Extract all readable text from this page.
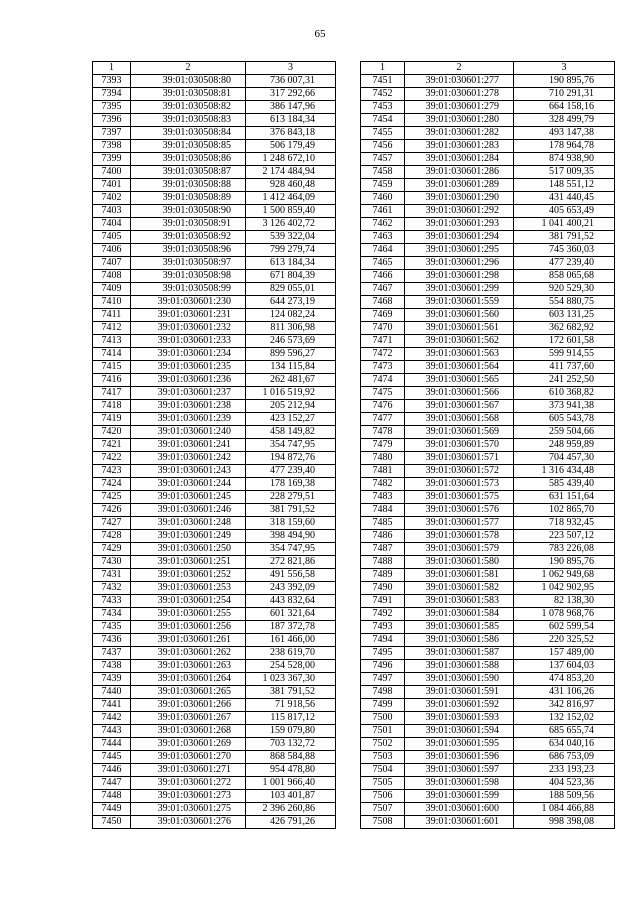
65
1	2	3
7393	39:01:030508:80	736 007,31
7394	39:01:030508:81	317 292,66
7395	39:01:030508:82	386 147,96
7396	39:01:030508:83	613 184,34
7397	39:01:030508:84	376 843,18
7398	39:01:030508:85	506 179,49
7399	39:01:030508:86	1 248 672,10
7400	39:01:030508:87	2 174 484,94
7401	39:01:030508:88	928 460,48
7402	39:01:030508:89	1 412 464,09
7403	39:01:030508:90	1 500 859,40
7404	39:01:030508:91	3 126 402,72
7405	39:01:030508:92	539 322,04
7406	39:01:030508:96	799 279,74
7407	39:01:030508:97	613 184,34
7408	39:01:030508:98	671 804,39
7409	39:01:030508:99	829 055,01
7410	39:01:030601:230	644 273,19
7411	39:01:030601:231	124 082,24
7412	39:01:030601:232	811 306,98
7413	39:01:030601:233	246 573,69
7414	39:01:030601:234	899 596,27
7415	39:01:030601:235	134 115,84
7416	39:01:030601:236	262 481,67
7417	39:01:030601:237	1 016 519,92
7418	39:01:030601:238	205 212,94
7419	39:01:030601:239	423 152,27
7420	39:01:030601:240	458 149,82
7421	39:01:030601:241	354 747,95
7422	39:01:030601:242	194 872,76
7423	39:01:030601:243	477 239,40
7424	39:01:030601:244	178 169,38
7425	39:01:030601:245	228 279,51
7426	39:01:030601:246	381 791,52
7427	39:01:030601:248	318 159,60
7428	39:01:030601:249	398 494,90
7429	39:01:030601:250	354 747,95
7430	39:01:030601:251	272 821,86
7431	39:01:030601:252	491 556,58
7432	39:01:030601:253	243 392,09
7433	39:01:030601:254	443 832,64
7434	39:01:030601:255	601 321,64
7435	39:01:030601:256	187 372,78
7436	39:01:030601:261	161 466,00
7437	39:01:030601:262	238 619,70
7438	39:01:030601:263	254 528,00
7439	39:01:030601:264	1 023 367,30
7440	39:01:030601:265	381 791,52
7441	39:01:030601:266	71 918,56
7442	39:01:030601:267	115 817,12
7443	39:01:030601:268	159 079,80
7444	39:01:030601:269	703 132,72
7445	39:01:030601:270	868 584,88
7446	39:01:030601:271	954 478,80
7447	39:01:030601:272	1 001 966,40
7448	39:01:030601:273	103 401,87
7449	39:01:030601:275	2 396 260,86
7450	39:01:030601:276	426 791,26
1	2	3
7451	39:01:030601:277	190 895,76
7452	39:01:030601:278	710 291,31
7453	39:01:030601:279	664 158,16
7454	39:01:030601:280	328 499,79
7455	39:01:030601:282	493 147,38
7456	39:01:030601:283	178 964,78
7457	39:01:030601:284	874 938,90
7458	39:01:030601:286	517 009,35
7459	39:01:030601:289	148 551,12
7460	39:01:030601:290	431 440,45
7461	39:01:030601:292	405 653,49
7462	39:01:030601:293	1 041 400,21
7463	39:01:030601:294	381 791,52
7464	39:01:030601:295	745 360,03
7465	39:01:030601:296	477 239,40
7466	39:01:030601:298	858 065,68
7467	39:01:030601:299	920 529,30
7468	39:01:030601:559	554 880,75
7469	39:01:030601:560	603 131,25
7470	39:01:030601:561	362 682,92
7471	39:01:030601:562	172 601,58
7472	39:01:030601:563	599 914,55
7473	39:01:030601:564	411 737,60
7474	39:01:030601:565	241 252,50
7475	39:01:030601:566	610 368,82
7476	39:01:030601:567	373 941,38
7477	39:01:030601:568	605 543,78
7478	39:01:030601:569	259 504,66
7479	39:01:030601:570	248 959,89
7480	39:01:030601:571	704 457,30
7481	39:01:030601:572	1 316 434,48
7482	39:01:030601:573	585 439,40
7483	39:01:030601:575	631 151,64
7484	39:01:030601:576	102 865,70
7485	39:01:030601:577	718 932,45
7486	39:01:030601:578	223 507,12
7487	39:01:030601:579	783 226,08
7488	39:01:030601:580	190 895,76
7489	39:01:030601:581	1 062 949,68
7490	39:01:030601:582	1 042 902,95
7491	39:01:030601:583	82 138,30
7492	39:01:030601:584	1 078 968,76
7493	39:01:030601:585	602 599,54
7494	39:01:030601:586	220 325,52
7495	39:01:030601:587	157 489,00
7496	39:01:030601:588	137 604,03
7497	39:01:030601:590	474 853,20
7498	39:01:030601:591	431 106,26
7499	39:01:030601:592	342 816,97
7500	39:01:030601:593	132 152,02
7501	39:01:030601:594	685 655,74
7502	39:01:030601:595	634 040,16
7503	39:01:030601:596	686 753,09
7504	39:01:030601:597	233 193,23
7505	39:01:030601:598	404 523,36
7506	39:01:030601:599	188 509,56
7507	39:01:030601:600	1 084 466,88
7508	39:01:030601:601	998 398,08
